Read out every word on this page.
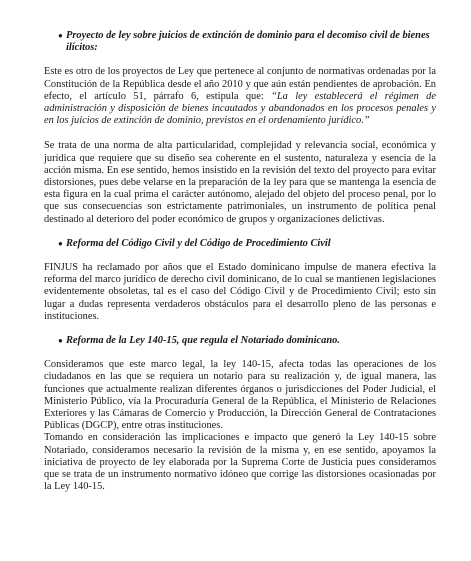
● Proyecto de ley sobre juicios de extinción de dominio para el decomiso civil de bienes ilícitos:

Este es otro de los proyectos de Ley que pertenece al conjunto de normativas ordenadas por la Constitución de la República desde el año 2010 y que aún están pendientes de aprobación. En efecto, el artículo 51, párrafo 6, estipula que: “La ley establecerá el régimen de administración y disposición de bienes incautados y abandonados en los procesos penales y en los juicios de extinción de dominio, previstos en el ordenamiento jurídico.”

Se trata de una norma de alta particularidad, complejidad y relevancia social, económica y jurídica que requiere que su diseño sea coherente en el sustento, naturaleza y esencia de la acción misma. En ese sentido, hemos insistido en la revisión del texto del proyecto para evitar distorsiones, pues debe velarse en la preparación de la ley para que se mantenga la esencia de esta figura en la cual prima el carácter autónomo, alejado del objeto del proceso penal, por lo que sus consecuencias son estrictamente patrimoniales, un instrumento de política penal destinado al deterioro del poder económico de grupos y organizaciones delictivas.

● Reforma del Código Civil y del Código de Procedimiento Civil

FINJUS ha reclamado por años que el Estado dominicano impulse de manera efectiva la reforma del marco jurídico de derecho civil dominicano, de lo cual se mantienen legislaciones evidentemente obsoletas, tal es el caso del Código Civil y de Procedimiento Civil; esto sin lugar a dudas representa verdaderos obstáculos para el desarrollo pleno de las personas e instituciones.

● Reforma de la Ley 140-15, que regula el Notariado dominicano.

Consideramos que este marco legal, la ley 140-15, afecta todas las operaciones de los ciudadanos en las que se requiera un notario para su realización y, de igual manera, las funciones que actualmente realizan diferentes órganos o jurisdicciones del Poder Judicial, el Ministerio Público, vía la Procuraduría General de la República, el Ministerio de Relaciones Exteriores y las Cámaras de Comercio y Producción, la Dirección General de Contrataciones Públicas (DGCP), entre otras instituciones.

Tomando en consideración las implicaciones e impacto que generó la Ley 140-15 sobre Notariado, consideramos necesario la revisión de la misma y, en ese sentido, apoyamos la iniciativa de proyecto de ley elaborada por la Suprema Corte de Justicia pues consideramos que se trata de un instrumento normativo idóneo que corrige las distorsiones ocasionadas por la Ley 140-15.
